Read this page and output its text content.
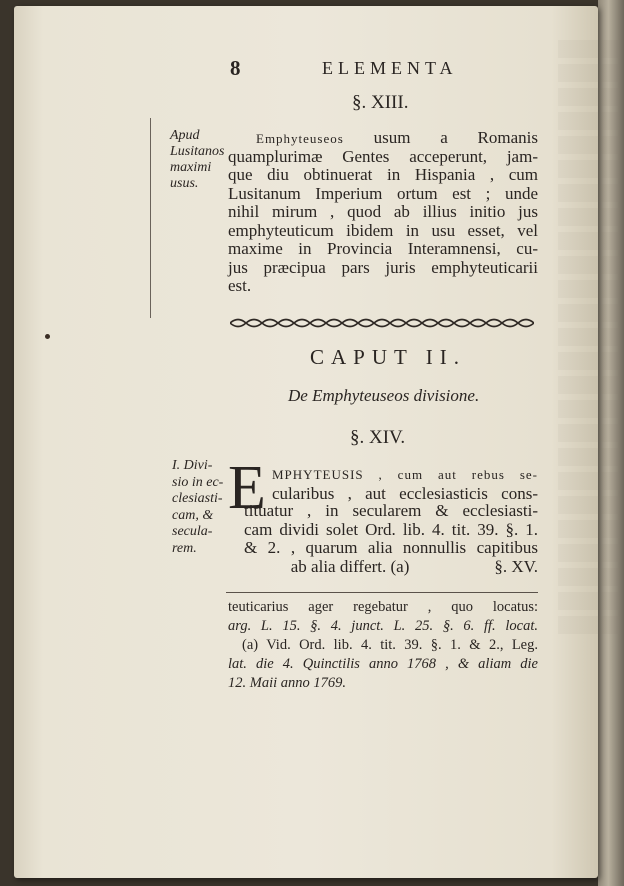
8	ELEMENTA
§. XIII.
Apud
Lusitanos
maximi
usus.
Emphyteuseos usum a Romanis
quamplurimæ Gentes acceperunt, jam-
que diu obtinuerat in Hispania , cum
Lusitanum Imperium ortum est ; unde
nihil mirum , quod ab illius initio jus
emphyteuticum ibidem in usu esset, vel
maxime in Provincia Interamnensi, cu-
jus præcipua pars juris emphyteuticarii
est.
CAPUT II.
De Emphyteuseos divisione.
§. XIV.
I. Divi-
sio in ec-
clesiasti-
cam, &
secula-
rem.
E MPHYTEUSIS , cum aut rebus se-
cularibus , aut ecclesiasticis cons-
tituatur , in secularem & ecclesiasti-
cam dividi solet Ord. lib. 4. tit. 39. §. 1.
& 2. , quarum alia nonnullis capitibus
ab alia differt. (a)                    §. XV.
teuticarius ager regebatur , quo locatus:
arg. L. 15. §. 4. junct. L. 25. §. 6. ff. locat.
(a) Vid. Ord. lib. 4. tit. 39. §. 1. & 2., Leg.
lat. die 4. Quinctilis anno 1768 , & aliam die
12. Maii anno 1769.
